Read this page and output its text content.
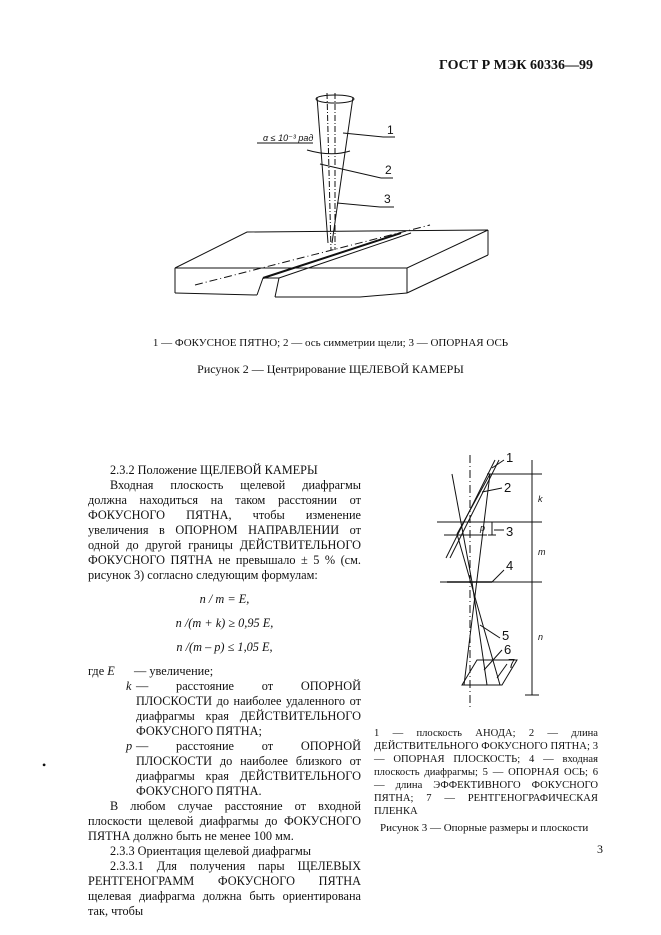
ГОСТ Р МЭК 60336—99
α ≤ 10⁻³ рад
1
2
3
1 — ФОКУСНОЕ ПЯТНО; 2 — ось симметрии щели; 3 — ОПОРНАЯ ОСЬ
Рисунок 2 — Центрирование ЩЕЛЕВОЙ КАМЕРЫ

2.3.2 Положение ЩЕЛЕВОЙ КАМЕРЫ

Входная плоскость щелевой диафрагмы должна находиться на таком расстоянии от ФОКУСНОГО ПЯТНА, чтобы изменение увеличения в ОПОРНОМ НАПРАВЛЕНИИ от одной до другой границы ДЕЙСТВИТЕЛЬНОГО ФОКУСНОГО ПЯТНА не превышало ± 5 % (см. рисунок 3) согласно следующим формулам:

n / m = E,

n /(m + k) ≥ 0,95 E,

n /(m – p) ≤ 1,05 E,

где E	— увеличение;
k — расстояние от ОПОРНОЙ ПЛОСКОСТИ до наиболее удаленного от диафрагмы края ДЕЙСТВИТЕЛЬНОГО ФОКУСНОГО ПЯТНА;
p — расстояние от ОПОРНОЙ ПЛОСКОСТИ до наиболее близкого от диафрагмы края ДЕЙСТВИТЕЛЬНОГО ФОКУСНОГО ПЯТНА.

В любом случае расстояние от входной плоскости щелевой диафрагмы до ФОКУСНОГО ПЯТНА должно быть не менее 100 мм.

2.3.3 Ориентация щелевой диафрагмы

2.3.3.1 Для получения пары ЩЕЛЕВЫХ РЕНТГЕНОГРАММ ФОКУСНОГО ПЯТНА щелевая диафрагма должна быть ориентирована так, чтобы

1
2
3
4
5
6
7
k
p
m
n
1 — плоскость АНОДА; 2 — длина ДЕЙСТВИТЕЛЬНОГО ФОКУСНОГО ПЯТНА; 3 — ОПОРНАЯ ПЛОСКОСТЬ; 4 — входная плоскость диафрагмы; 5 — ОПОРНАЯ ОСЬ; 6 — длина ЭФФЕКТИВНОГО ФОКУСНОГО ПЯТНА; 7 — РЕНТГЕНОГРАФИЧЕСКАЯ ПЛЕНКА
Рисунок 3 — Опорные размеры и плоскости
•
3
